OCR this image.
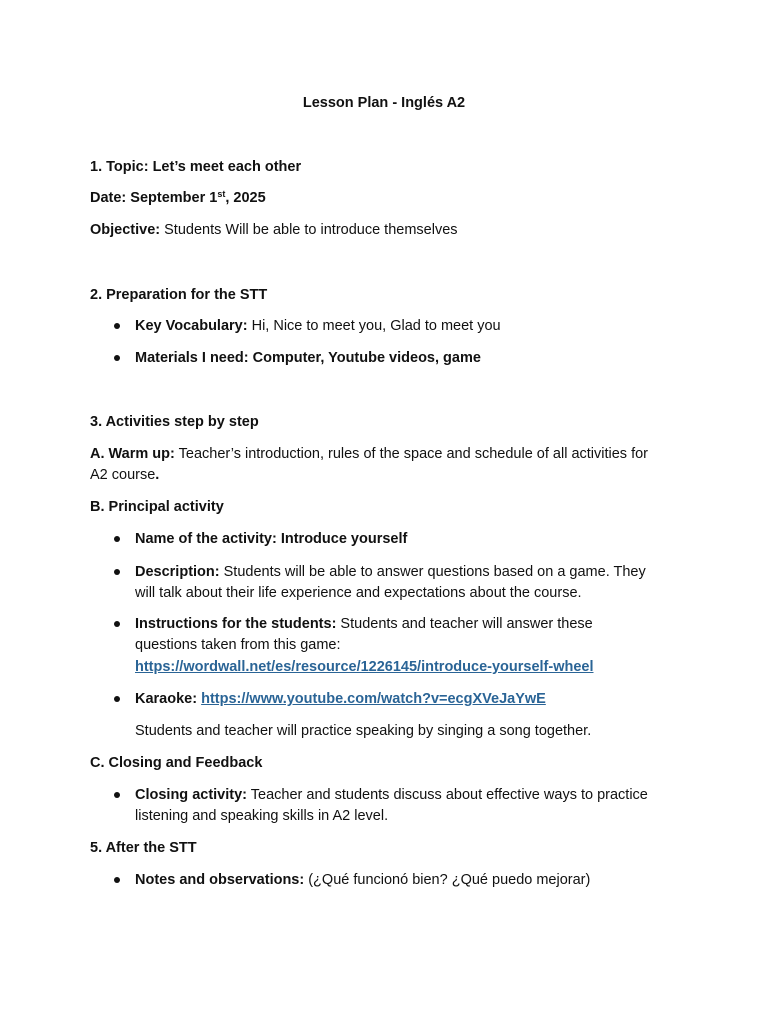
Lesson Plan - Inglés A2
1. Topic: Let’s meet each other
Date: September 1st, 2025
Objective: Students Will be able to introduce themselves
2. Preparation for the STT
Key Vocabulary: Hi, Nice to meet you, Glad to meet you
Materials I need: Computer, Youtube videos, game
3. Activities step by step
A. Warm up: Teacher’s introduction, rules of the space and schedule of all activities for
A2 course.
B. Principal activity
Name of the activity: Introduce yourself
Description: Students will be able to answer questions based on a game. They
will talk about their life experience and expectations about the course.
Instructions for the students: Students and teacher will answer these
questions taken from this game:
https://wordwall.net/es/resource/1226145/introduce-yourself-wheel
Karaoke: https://www.youtube.com/watch?v=ecgXVeJaYwE
Students and teacher will practice speaking by singing a song together.
C. Closing and Feedback
Closing activity: Teacher and students discuss about effective ways to practice
listening and speaking skills in A2 level.
5. After the STT
Notes and observations: (¿Qué funcionó bien? ¿Qué puedo mejorar)
